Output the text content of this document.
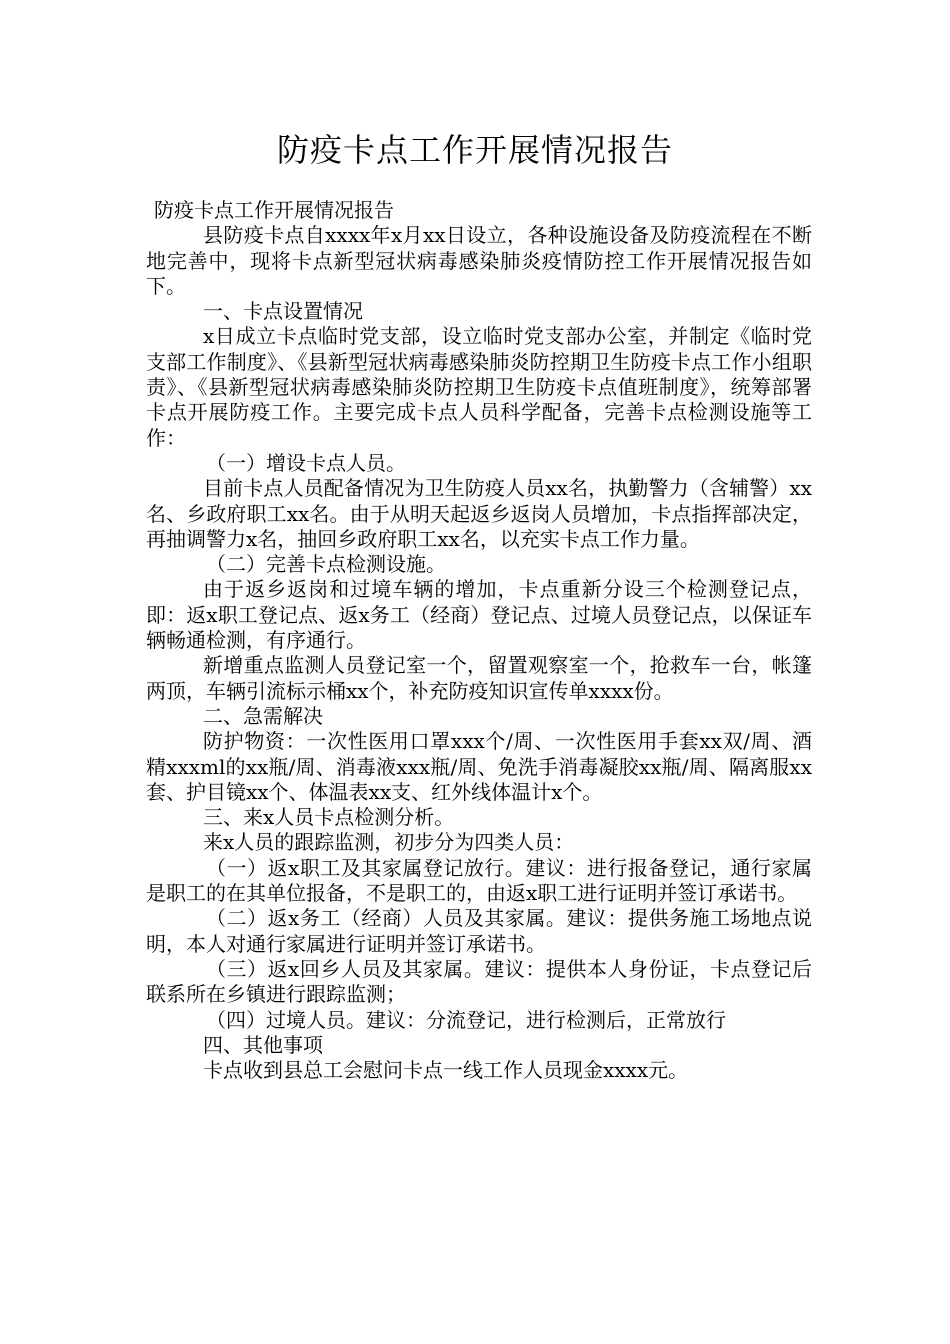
防疫卡点工作开展情况报告

防疫卡点工作开展情况报告

县防疫卡点自xxxx年x月xx日设立，各种设施设备及防疫流程在不断地完善中，现将卡点新型冠状病毒感染肺炎疫情防控工作开展情况报告如下。

一、卡点设置情况

x日成立卡点临时党支部，设立临时党支部办公室，并制定《临时党支部工作制度》、《县新型冠状病毒感染肺炎防控期卫生防疫卡点工作小组职责》、《县新型冠状病毒感染肺炎防控期卫生防疫卡点值班制度》，统筹部署卡点开展防疫工作。主要完成卡点人员科学配备，完善卡点检测设施等工作：

（一）增设卡点人员。

目前卡点人员配备情况为卫生防疫人员xx名，执勤警力（含辅警）xx名、乡政府职工xx名。由于从明天起返乡返岗人员增加，卡点指挥部决定，再抽调警力x名，抽回乡政府职工xx名，以充实卡点工作力量。

（二）完善卡点检测设施。

由于返乡返岗和过境车辆的增加，卡点重新分设三个检测登记点，即：返x职工登记点、返x务工（经商）登记点、过境人员登记点，以保证车辆畅通检测，有序通行。

新增重点监测人员登记室一个，留置观察室一个，抢救车一台，帐篷两顶，车辆引流标示桶xx个，补充防疫知识宣传单xxxx份。

二、急需解决

防护物资：一次性医用口罩xxx个/周、一次性医用手套xx双/周、酒精xxxml的xx瓶/周、消毒液xxx瓶/周、免洗手消毒凝胶xx瓶/周、隔离服xx套、护目镜xx个、体温表xx支、红外线体温计x个。

三、来x人员卡点检测分析。

来x人员的跟踪监测，初步分为四类人员：

（一）返x职工及其家属登记放行。建议：进行报备登记，通行家属是职工的在其单位报备，不是职工的，由返x职工进行证明并签订承诺书。

（二）返x务工（经商）人员及其家属。建议：提供务施工场地点说明，本人对通行家属进行证明并签订承诺书。

（三）返x回乡人员及其家属。建议：提供本人身份证，卡点登记后联系所在乡镇进行跟踪监测；

（四）过境人员。建议：分流登记，进行检测后，正常放行

四、其他事项

卡点收到县总工会慰问卡点一线工作人员现金xxxx元。
